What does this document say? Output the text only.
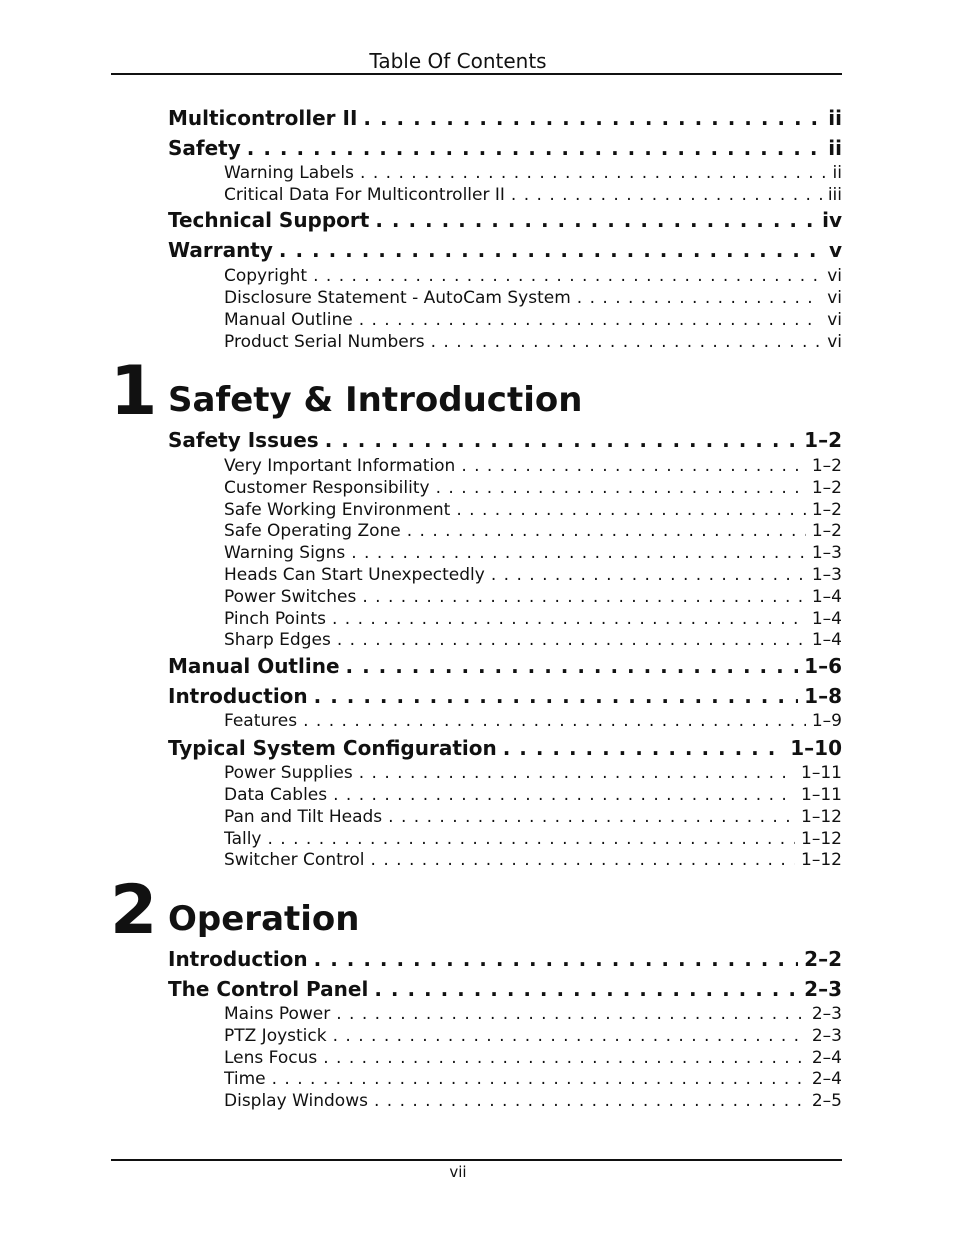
Table Of Contents
Multicontroller II . . .	ii
Safety . . .	ii
Warning Labels . . .	ii
Critical Data For Multicontroller II . . .	iii
Technical Support . . .	iv
Warranty . . .	v
Copyright . . .	vi
Disclosure Statement - AutoCam System . . .	vi
Manual Outline . . .	vi
Product Serial Numbers . . .	vi
1 Safety & Introduction
Safety Issues . . .	1–2
Very Important Information . . .	1–2
Customer Responsibility . . .	1–2
Safe Working Environment . . .	1–2
Safe Operating Zone . . .	1–2
Warning Signs . . .	1–3
Heads Can Start Unexpectedly . . .	1–3
Power Switches . . .	1–4
Pinch Points . . .	1–4
Sharp Edges . . .	1–4
Manual Outline . . .	1–6
Introduction . . .	1–8
Features . . .	1–9
Typical System Configuration . . .	1–10
Power Supplies . . .	1–11
Data Cables . . .	1–11
Pan and Tilt Heads . . .	1–12
Tally . . .	1–12
Switcher Control . . .	1–12
2 Operation
Introduction . . .	2–2
The Control Panel . . .	2–3
Mains Power . . .	2–3
PTZ Joystick . . .	2–3
Lens Focus . . .	2–4
Time . . .	2–4
Display Windows . . .	2–5
vii
